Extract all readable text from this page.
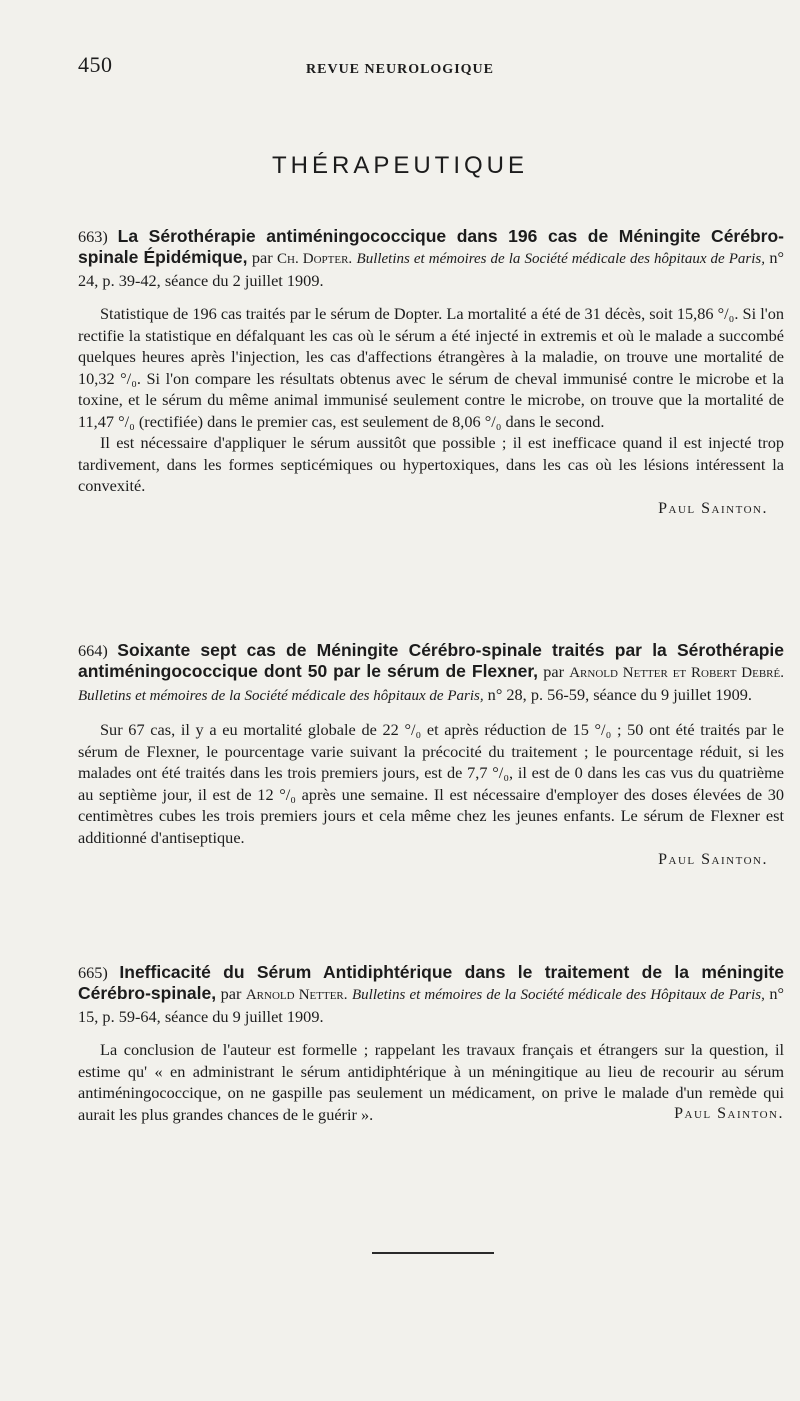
450	REVUE NEUROLOGIQUE
THÉRAPEUTIQUE

663) La Sérothérapie antiméningococcique dans 196 cas de Méningite Cérébro-spinale Épidémique, par Ch. Dopter. Bulletins et mémoires de la Société médicale des hôpitaux de Paris, n° 24, p. 39-42, séance du 2 juillet 1909.

Statistique de 196 cas traités par le sérum de Dopter. La mortalité a été de 31 décès, soit 15,86 °/₀. Si l'on rectifie la statistique en défalquant les cas où le sérum a été injecté in extremis et où le malade a succombé quelques heures après l'injection, les cas d'affections étrangères à la maladie, on trouve une mortalité de 10,32 °/₀. Si l'on compare les résultats obtenus avec le sérum de cheval immunisé contre le microbe et la toxine, et le sérum du même animal immunisé seulement contre le microbe, on trouve que la mortalité de 11,47 °/₀ (rectifiée) dans le premier cas, est seulement de 8,06 °/₀ dans le second.

Il est nécessaire d'appliquer le sérum aussitôt que possible ; il est inefficace quand il est injecté trop tardivement, dans les formes septicémiques ou hypertoxiques, dans les cas où les lésions intéressent la convexité.

Paul Sainton.

664) Soixante sept cas de Méningite Cérébro-spinale traités par la Sérothérapie antiméningococcique dont 50 par le sérum de Flexner, par Arnold Netter et Robert Debré. Bulletins et mémoires de la Société médicale des hôpitaux de Paris, n° 28, p. 56-59, séance du 9 juillet 1909.

Sur 67 cas, il y a eu mortalité globale de 22 °/₀ et après réduction de 15 °/₀ ; 50 ont été traités par le sérum de Flexner, le pourcentage varie suivant la précocité du traitement ; le pourcentage réduit, si les malades ont été traités dans les trois premiers jours, est de 7,7 °/₀, il est de 0 dans les cas vus du quatrième au septième jour, il est de 12 °/₀ après une semaine. Il est nécessaire d'employer des doses élevées de 30 centimètres cubes les trois premiers jours et cela même chez les jeunes enfants. Le sérum de Flexner est additionné d'antiseptique.

Paul Sainton.

665) Inefficacité du Sérum Antidiphtérique dans le traitement de la méningite Cérébro-spinale, par Arnold Netter. Bulletins et mémoires de la Société médicale des Hôpitaux de Paris, n° 15, p. 59-64, séance du 9 juillet 1909.

La conclusion de l'auteur est formelle ; rappelant les travaux français et étrangers sur la question, il estime qu' « en administrant le sérum antidiphtérique à un méningitique au lieu de recourir au sérum antiméningococcique, on ne gaspille pas seulement un médicament, on prive le malade d'un remède qui aurait les plus grandes chances de le guérir ».	Paul Sainton.
